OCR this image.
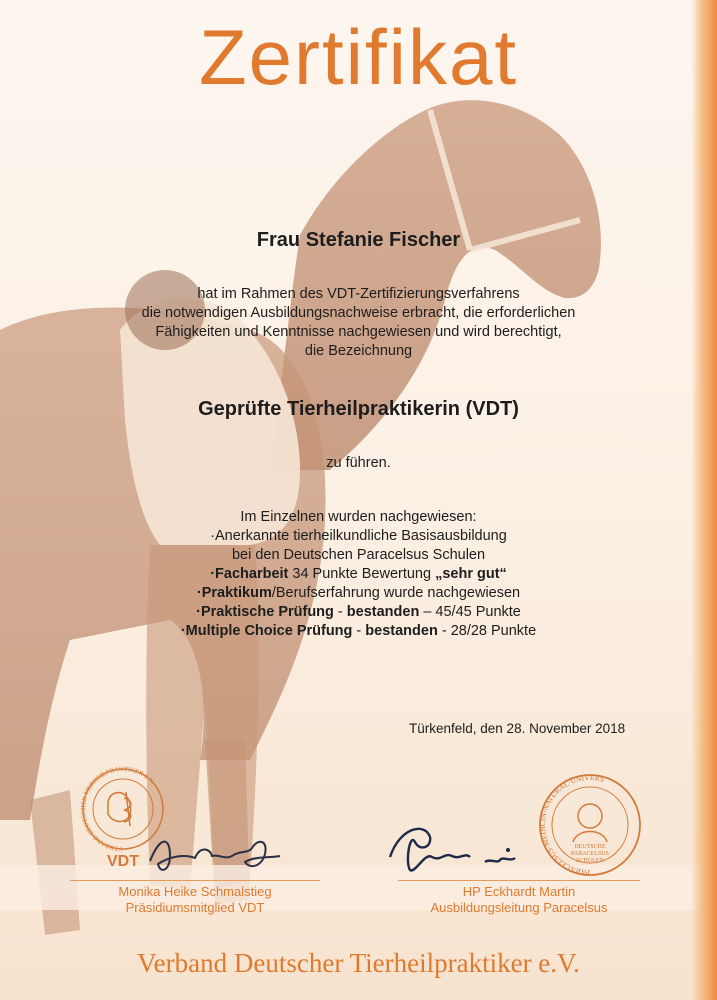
Zertifikat
Frau Stefanie Fischer
hat im Rahmen des VDT-Zertifizierungsverfahrens
die notwendigen Ausbildungsnachweise erbracht, die erforderlichen
Fähigkeiten und Kenntnisse nachgewiesen und wird berechtigt,
die Bezeichnung
Geprüfte Tierheilpraktikerin (VDT)
zu führen.
Im Einzelnen wurden nachgewiesen:
·Anerkannte tierheilkundliche Basisausbildung
bei den Deutschen Paracelsus Schulen
·Facharbeit 34 Punkte Bewertung „sehr gut“
·Praktikum/Berufserfahrung wurde nachgewiesen
·Praktische Prüfung - bestanden – 45/45 Punkte
·Multiple Choice Prüfung - bestanden - 28/28 Punkte
Türkenfeld, den 28. November 2018
VERBAND DEUTSCHER TIERHEILPRAKTIKER E.V.
VDT
PARACELSUS·MEDICIN·NATURAL·UNIVERS
DEUTSCHE
PARACELSUS
SCHULEN
Monika Heike Schmalstieg
Präsidiumsmitglied VDT
HP Eckhardt Martin
Ausbildungsleitung Paracelsus
Verband Deutscher Tierheilpraktiker e.V.
